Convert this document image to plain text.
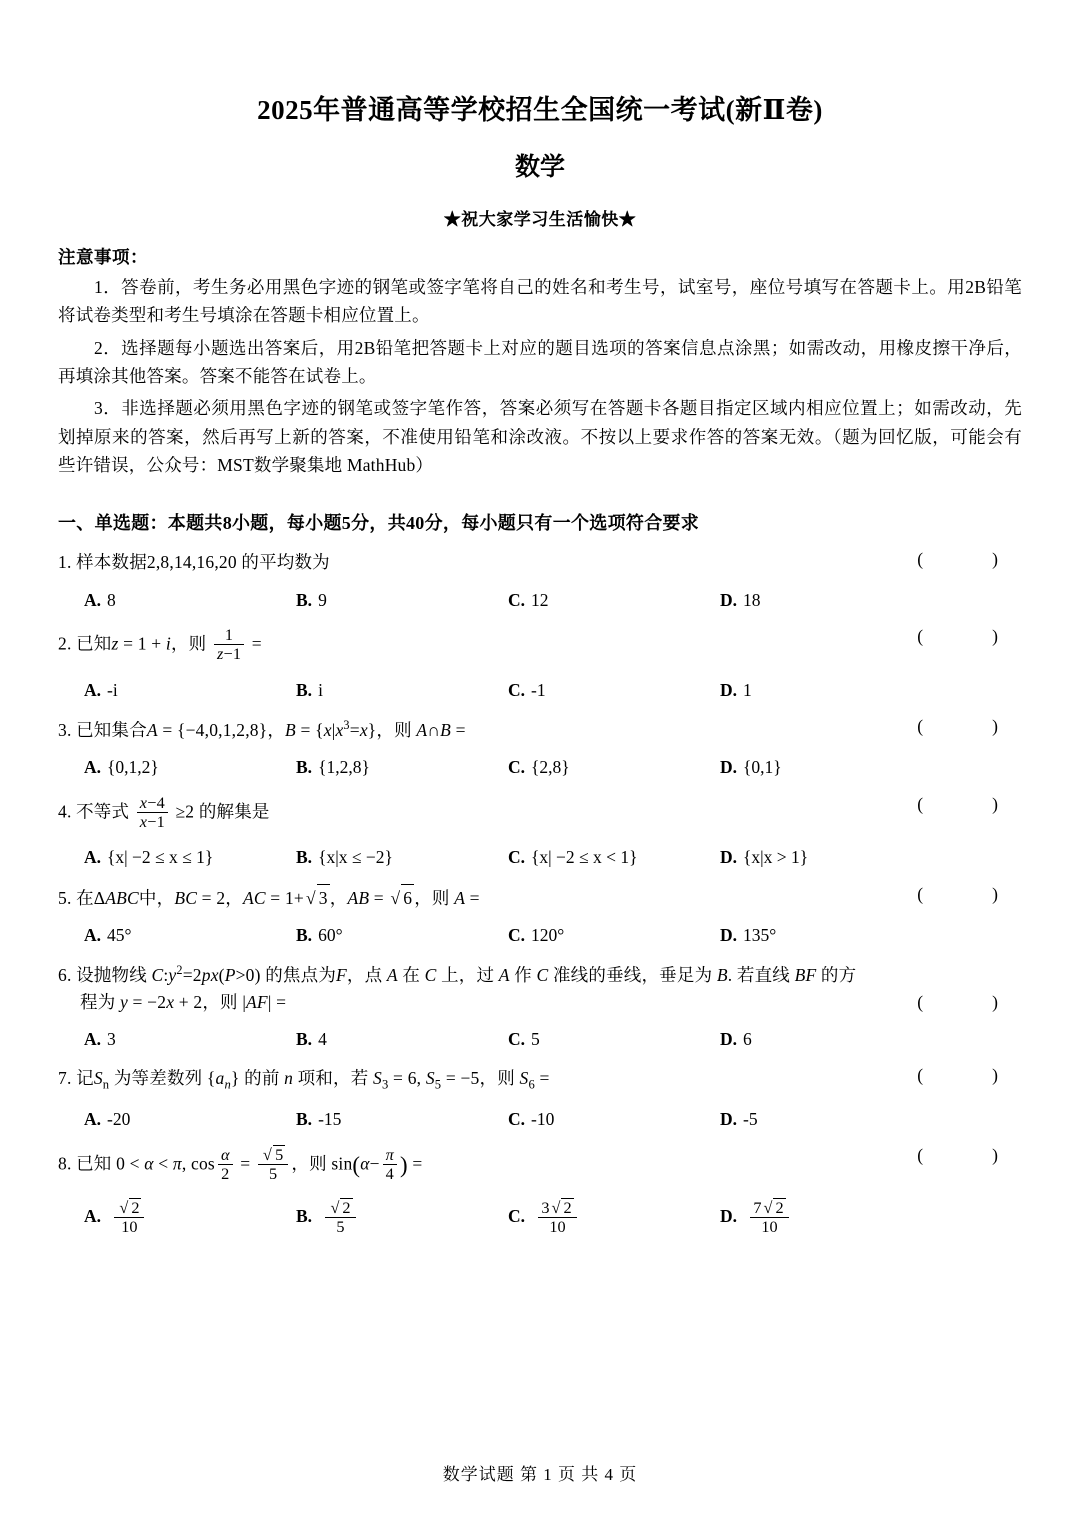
2025年普通高等学校招生全国统一考试(新Ⅱ卷)
数学
★祝大家学习生活愉快★
注意事项：
1．答卷前，考生务必用黑色字迹的钢笔或签字笔将自己的姓名和考生号，试室号，座位号填写在答题卡上。用2B铅笔将试卷类型和考生号填涂在答题卡相应位置上。
2．选择题每小题选出答案后，用2B铅笔把答题卡上对应的题目选项的答案信息点涂黑；如需改动，用橡皮擦干净后，再填涂其他答案。答案不能答在试卷上。
3．非选择题必须用黑色字迹的钢笔或签字笔作答，答案必须写在答题卡各题目指定区域内相应位置上；如需改动，先划掉原来的答案，然后再写上新的答案，不准使用铅笔和涂改液。不按以上要求作答的答案无效。（题为回忆版，可能会有些许错误，公众号：MST数学聚集地 MathHub）
一、单选题：本题共8小题，每小题5分，共40分，每小题只有一个选项符合要求
1. 样本数据2,8,14,16,20 的平均数为	(   )
A. 8	B. 9	C. 12	D. 18
2. 已知z = 1 + i，则 $\frac{1}{z-1}$ =	(   )
A. -i	B. i	C. -1	D. 1
3. 已知集合A = {−4,0,1,2,8}，$B = \{x|x^3=x\}$，则 A∩B =	(   )
A. {0,1,2}	B. {1,2,8}	C. {2,8}	D. {0,1}
4. 不等式 $\frac{x-4}{x-1} \ge 2$ 的解集是	(   )
A. {x| −2 ≤ x ≤ 1}	B. {x|x ≤ −2}	C. {x| −2 ≤ x < 1}	D. {x|x > 1}
5. 在ΔABC中，BC = 2，AC = 1+ √ 3 ，AB = √ 6 ，则 A =	(   )
A. 45°	B. 60°	C. 120°	D. 135°
6. 设抛物线 $C:y^2=2px(P>0)$ 的焦点为F，点 A 在 C 上，过 A 作 C 准线的垂线，垂足为 B. 若直线 BF 的方
程为 y = −2x + 2，则 |AF| =	(   )
A. 3	B. 4	C. 5	D. 6
7. 记$S_n$ 为等差数列 $\{a_n\}$ 的前 n 项和，若 $S_3 = 6$, $S_5 = -5$，则 $S_6$ =	(   )
A. -20	B. -15	C. -10	D. -5
8. 已知 0 < α < π, $\cos \frac{\alpha}{2} = \frac{√ 5}{5}$ ，则 $\sin(\alpha- \frac{\pi}{4}$ ) =	(   )
A. $\frac{√ 2}{10}$	B. $\frac{√ 2}{5}$	C. $\frac{3 √ 2}{10}$	D. $\frac{7 √ 2}{10}$
数学试题 第 1 页 共 4 页
